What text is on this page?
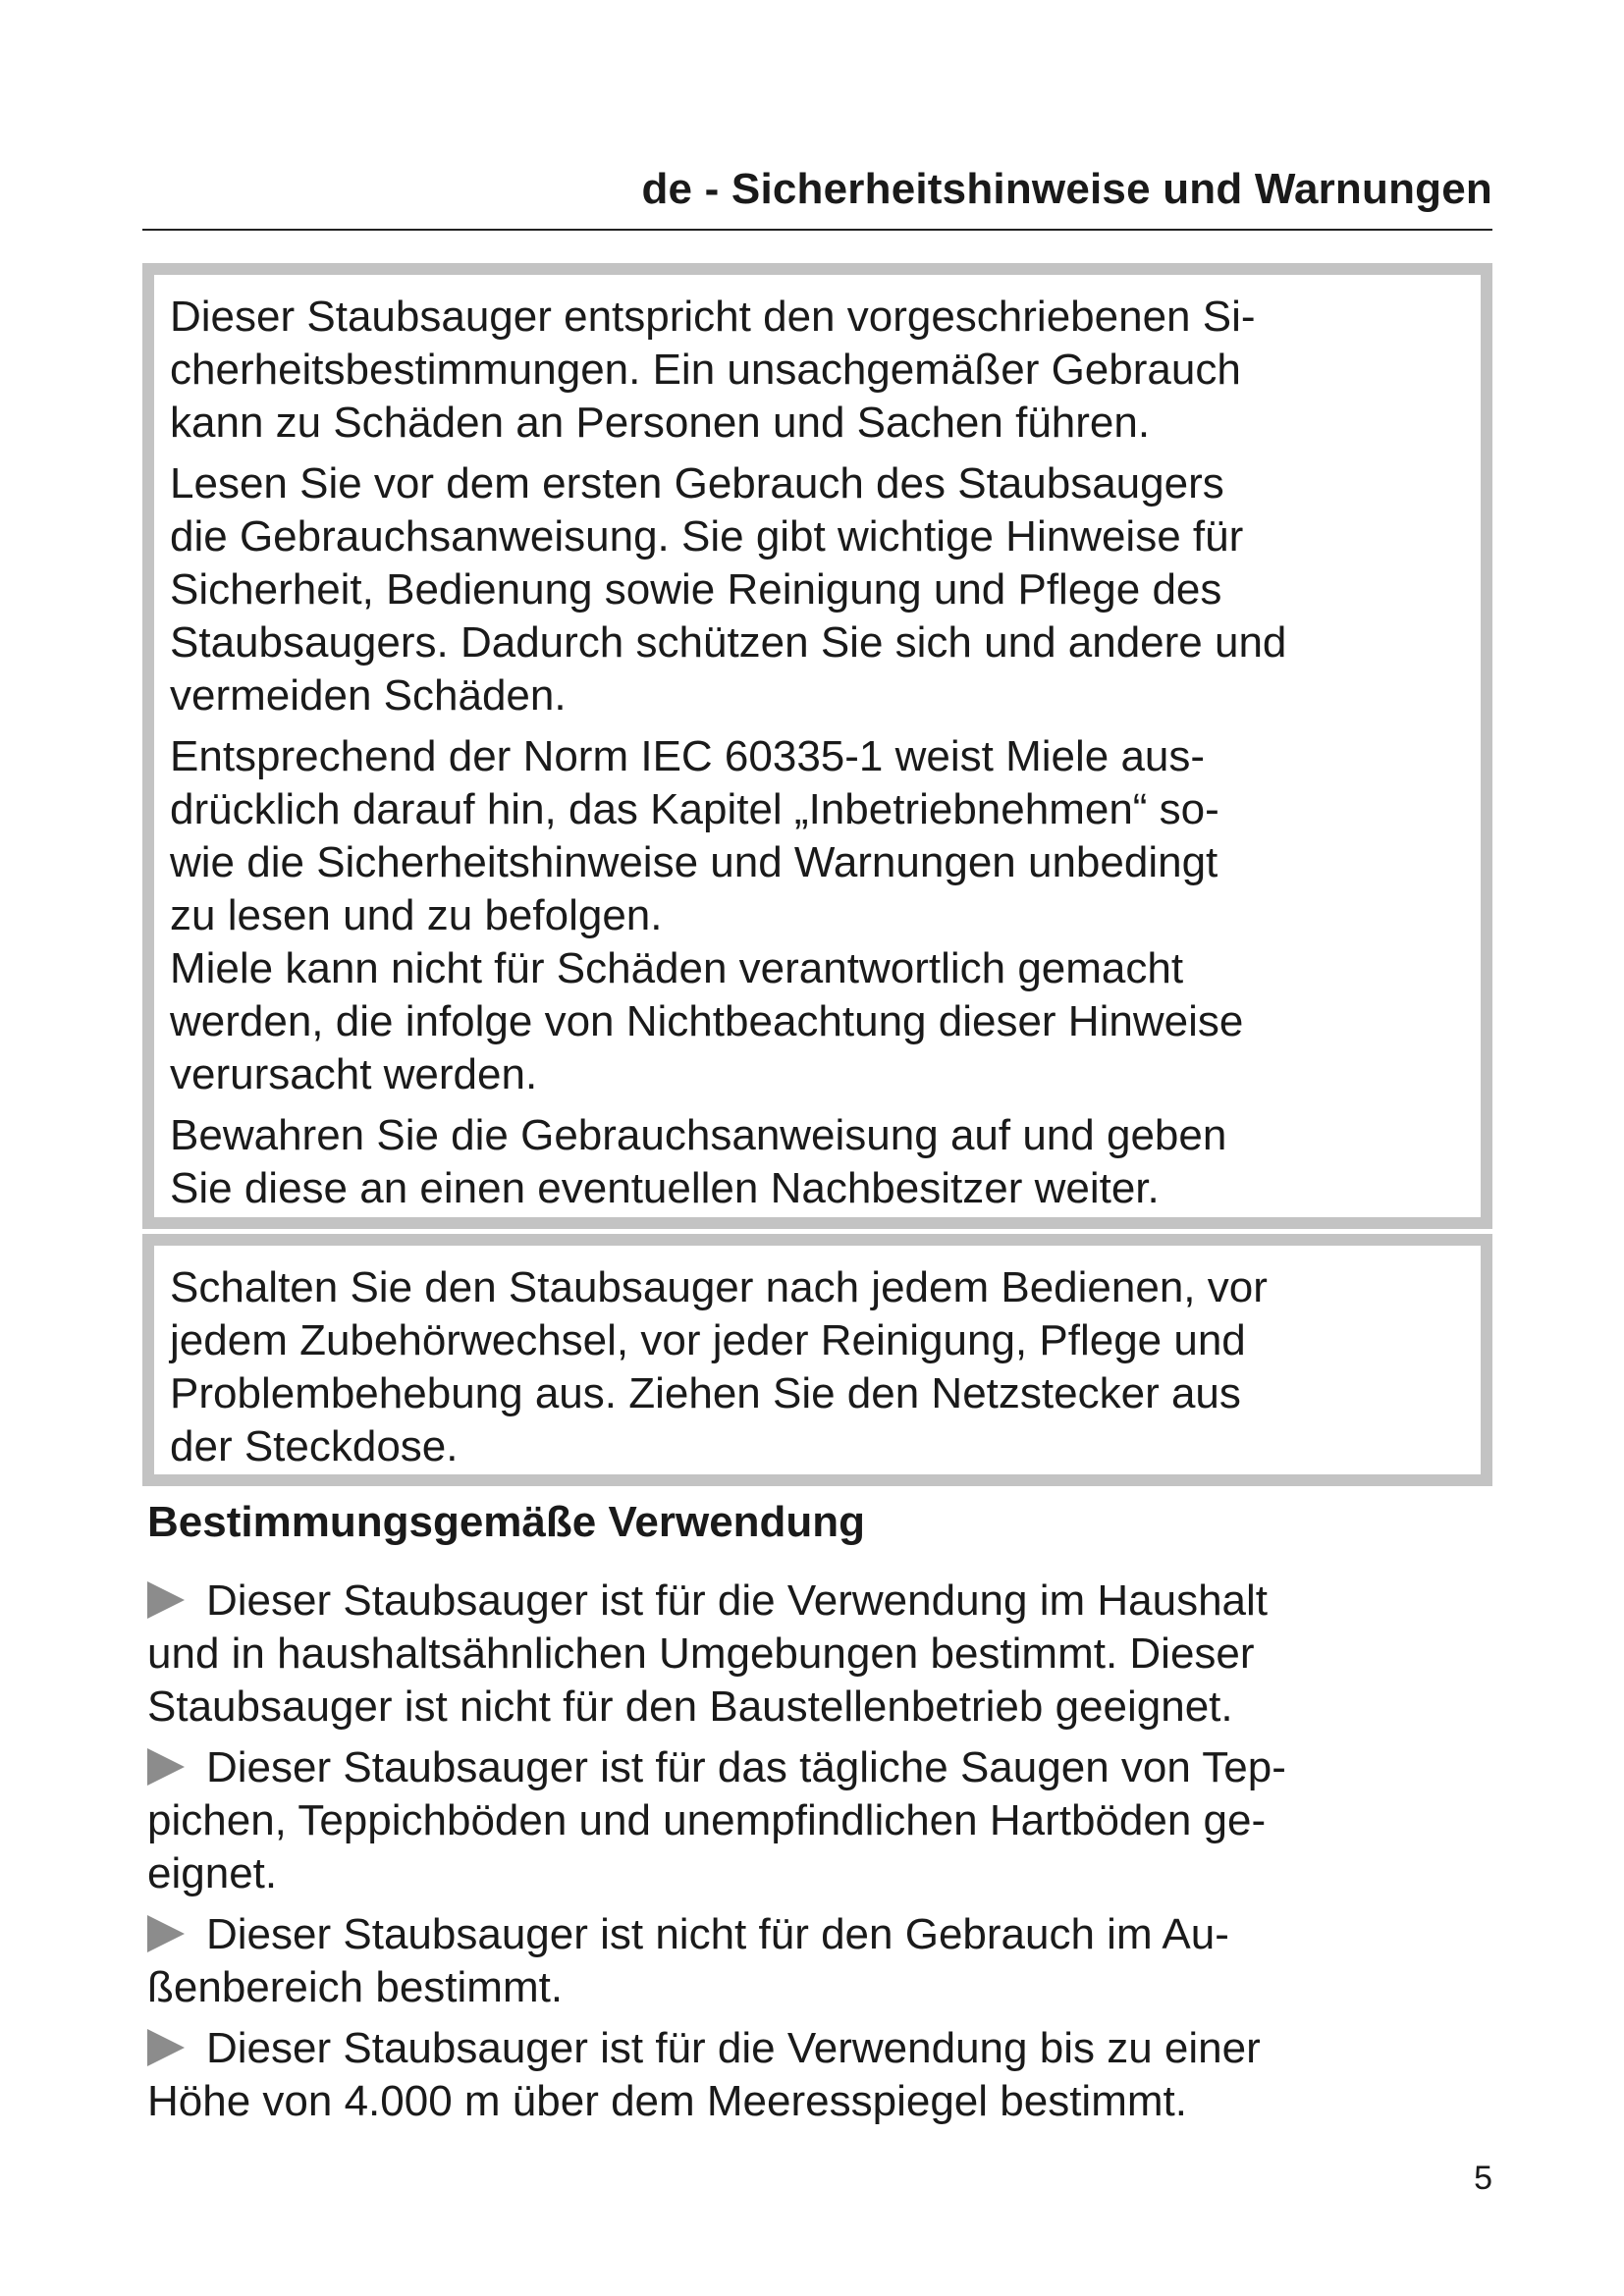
de - Sicherheitshinweise und Warnungen

Dieser Staubsauger entspricht den vorgeschriebenen Si-
cherheitsbestimmungen. Ein unsachgemäßer Gebrauch
kann zu Schäden an Personen und Sachen führen.

Lesen Sie vor dem ersten Gebrauch des Staubsaugers
die Gebrauchsanweisung. Sie gibt wichtige Hinweise für
Sicherheit, Bedienung sowie Reinigung und Pflege des
Staubsaugers. Dadurch schützen Sie sich und andere und
vermeiden Schäden.

Entsprechend der Norm IEC 60335-1 weist Miele aus-
drücklich darauf hin, das Kapitel „Inbetriebnehmen“ so-
wie die Sicherheitshinweise und Warnungen unbedingt
zu lesen und zu befolgen.

Miele kann nicht für Schäden verantwortlich gemacht
werden, die infolge von Nichtbeachtung dieser Hinweise
verursacht werden.

Bewahren Sie die Gebrauchsanweisung auf und geben
Sie diese an einen eventuellen Nachbesitzer weiter.

Schalten Sie den Staubsauger nach jedem Bedienen, vor
jedem Zubehörwechsel, vor jeder Reinigung, Pflege und
Problembehebung aus. Ziehen Sie den Netzstecker aus
der Steckdose.

Bestimmungsgemäße Verwendung

Dieser Staubsauger ist für die Verwendung im Haushalt
und in haushaltsähnlichen Umgebungen bestimmt. Dieser
Staubsauger ist nicht für den Baustellenbetrieb geeignet.

Dieser Staubsauger ist für das tägliche Saugen von Tep-
pichen, Teppichböden und unempfindlichen Hartböden ge-
eignet.

Dieser Staubsauger ist nicht für den Gebrauch im Au-
ßenbereich bestimmt.

Dieser Staubsauger ist für die Verwendung bis zu einer
Höhe von 4.000 m über dem Meeresspiegel bestimmt.

5
